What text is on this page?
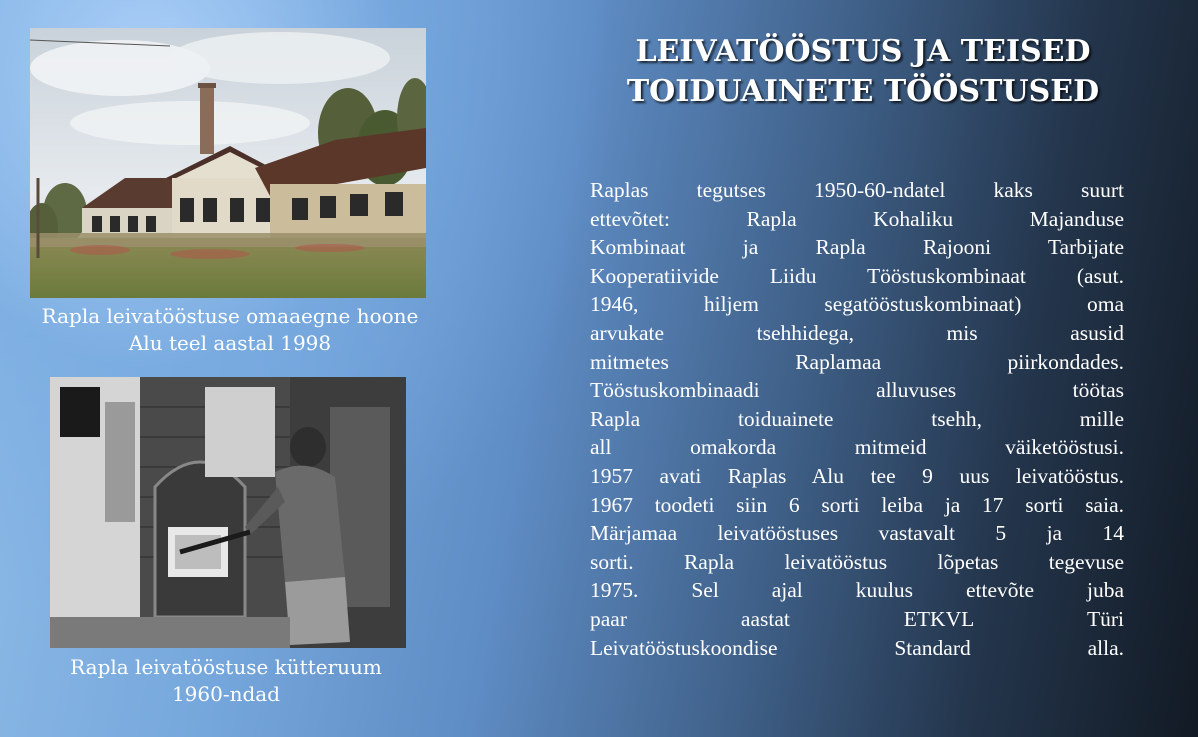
Rapla leivatööstuse omaaegne hoone
Alu teel aastal 1998
Rapla leivatööstuse kütteruum
1960-ndad
LEIVATÖÖSTUS JA TEISED
TOIDUAINETE TÖÖSTUSED
Raplas tegutses 1950-60-ndatel kaks suurt
ettevõtet: Rapla Kohaliku Majanduse
Kombinaat ja Rapla Rajooni Tarbijate
Kooperatiivide Liidu Tööstuskombinaat (asut.
1946, hiljem segatööstuskombinaat) oma
arvukate tsehhidega, mis asusid
mitmetes Raplamaa piirkondades.
Tööstuskombinaadi alluvuses töötas
Rapla toiduainete tsehh, mille
all omakorda mitmeid väiketööstusi.
1957 avati Raplas Alu tee 9 uus leivatööstus.
1967 toodeti siin 6 sorti leiba ja 17 sorti saia.
Märjamaa leivatööstuses vastavalt 5 ja 14
sorti. Rapla leivatööstus lõpetas tegevuse
1975. Sel ajal kuulus ettevõte juba
paar aastat ETKVL Türi
Leivatööstuskoondise Standard alla.
